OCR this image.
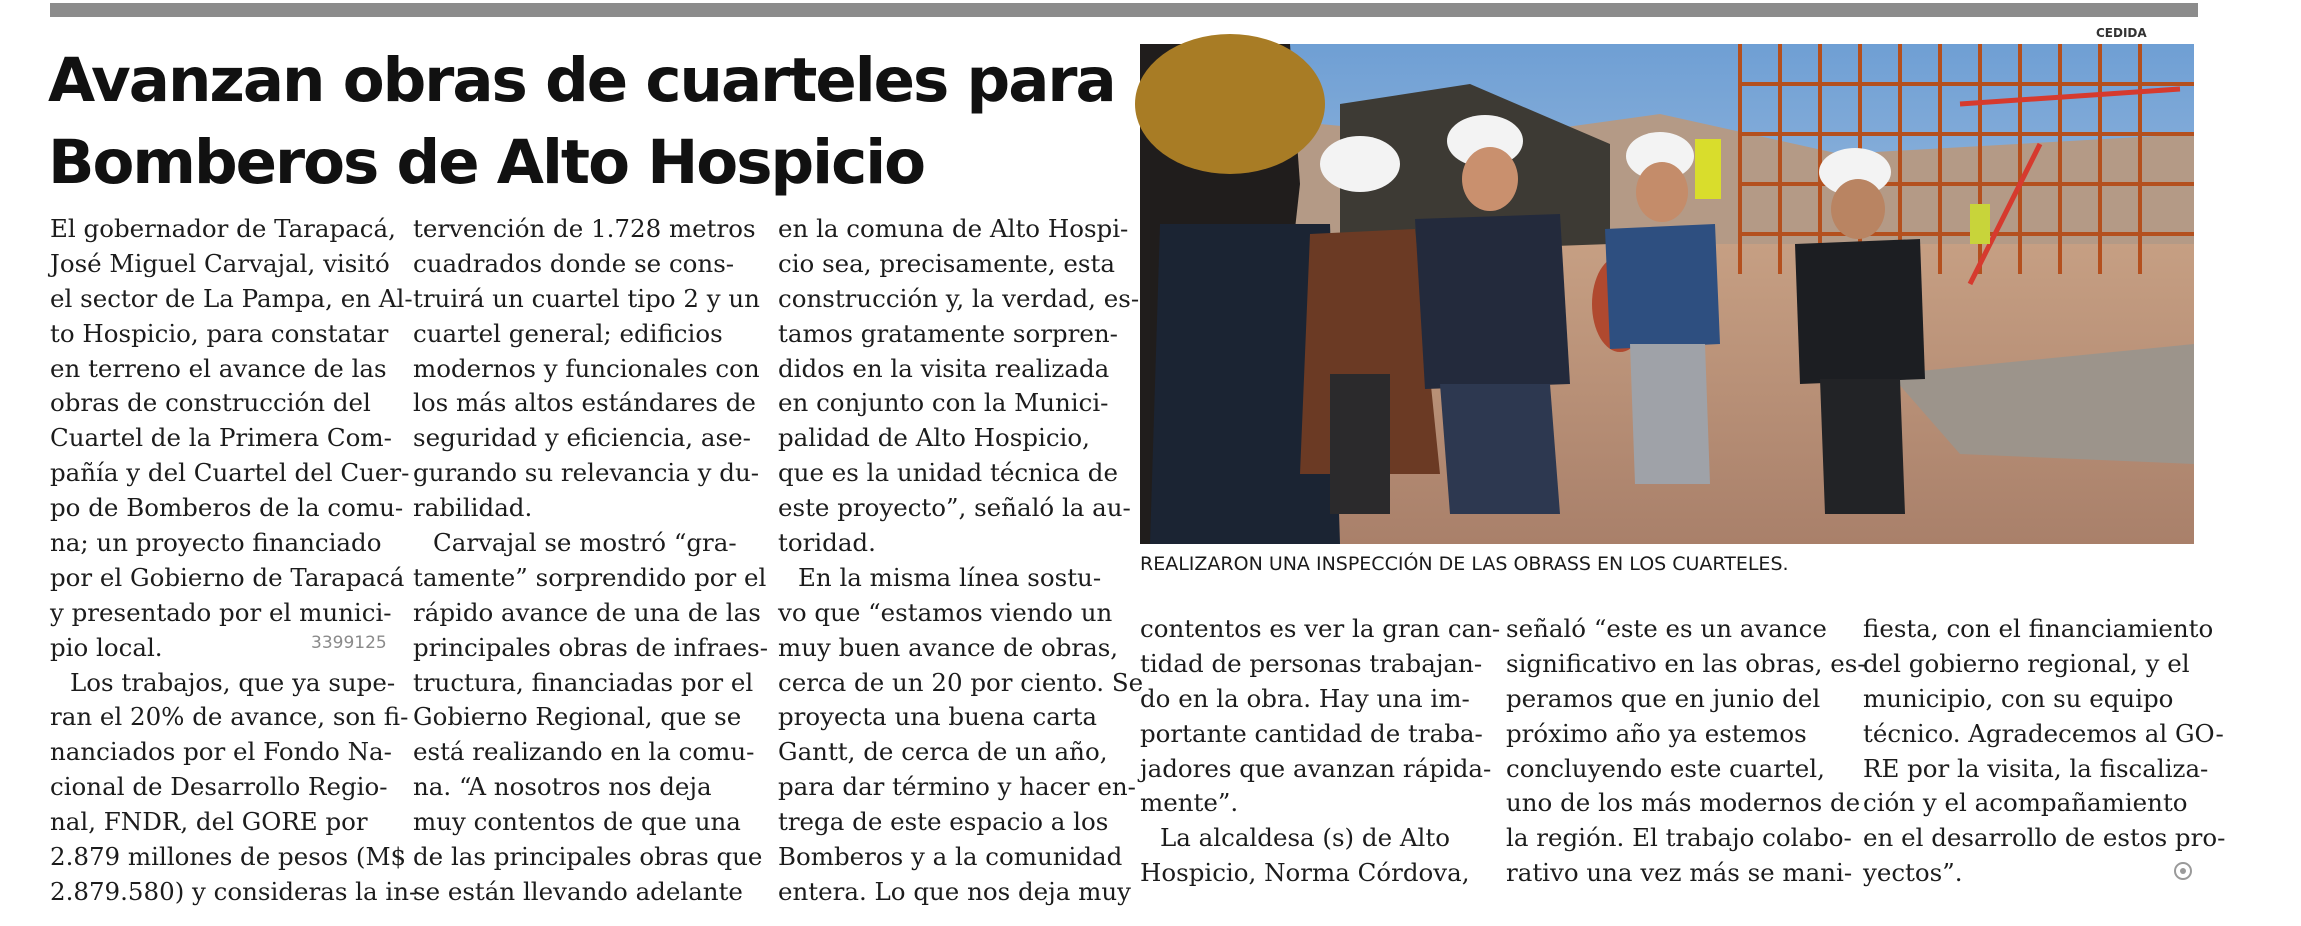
Avanzan obras de cuarteles para
Bomberos de Alto Hospicio
El gobernador de Tarapacá,
José Miguel Carvajal, visitó
el sector de La Pampa, en Al-
to Hospicio, para constatar
en terreno el avance de las
obras de construcción del
Cuartel de la Primera Com-
pañía y del Cuartel del Cuer-
po de Bomberos de la comu-
na; un proyecto financiado
por el Gobierno de Tarapacá
y presentado por el munici-
pio local.
Los trabajos, que ya supe-
ran el 20% de avance, son fi-
nanciados por el Fondo Na-
cional de Desarrollo Regio-
nal, FNDR, del GORE por
2.879 millones de pesos (M$
2.879.580) y consideras la in-
tervención de 1.728 metros
cuadrados donde se cons-
truirá un cuartel tipo 2 y un
cuartel general; edificios
modernos y funcionales con
los más altos estándares de
seguridad y eficiencia, ase-
gurando su relevancia y du-
rabilidad.
Carvajal se mostró “gra-
tamente” sorprendido por el
rápido avance de una de las
principales obras de infraes-
tructura, financiadas por el
Gobierno Regional, que se
está realizando en la comu-
na. “A nosotros nos deja
muy contentos de que una
de las principales obras que
se están llevando adelante
en la comuna de Alto Hospi-
cio sea, precisamente, esta
construcción y, la verdad, es-
tamos gratamente sorpren-
didos en la visita realizada
en conjunto con la Munici-
palidad de Alto Hospicio,
que es la unidad técnica de
este proyecto”, señaló la au-
toridad.
En la misma línea sostu-
vo que “estamos viendo un
muy buen avance de obras,
cerca de un 20 por ciento. Se
proyecta una buena carta
Gantt, de cerca de un año,
para dar término y hacer en-
trega de este espacio a los
Bomberos y a la comunidad
entera. Lo que nos deja muy

CEDIDA

REALIZARON UNA INSPECCIÓN DE LAS OBRASS EN LOS CUARTELES.

contentos es ver la gran can-
tidad de personas trabajan-
do en la obra. Hay una im-
portante cantidad de traba-
jadores que avanzan rápida-
mente”.
La alcaldesa (s) de Alto
Hospicio, Norma Córdova,
señaló “este es un avance
significativo en las obras, es-
peramos que en junio del
próximo año ya estemos
concluyendo este cuartel,
uno de los más modernos de
la región. El trabajo colabo-
rativo una vez más se mani-
fiesta, con el financiamiento
del gobierno regional, y el
municipio, con su equipo
técnico. Agradecemos al GO-
RE por la visita, la fiscaliza-
ción y el acompañamiento
en el desarrollo de estos pro-
yectos”.

3399125
